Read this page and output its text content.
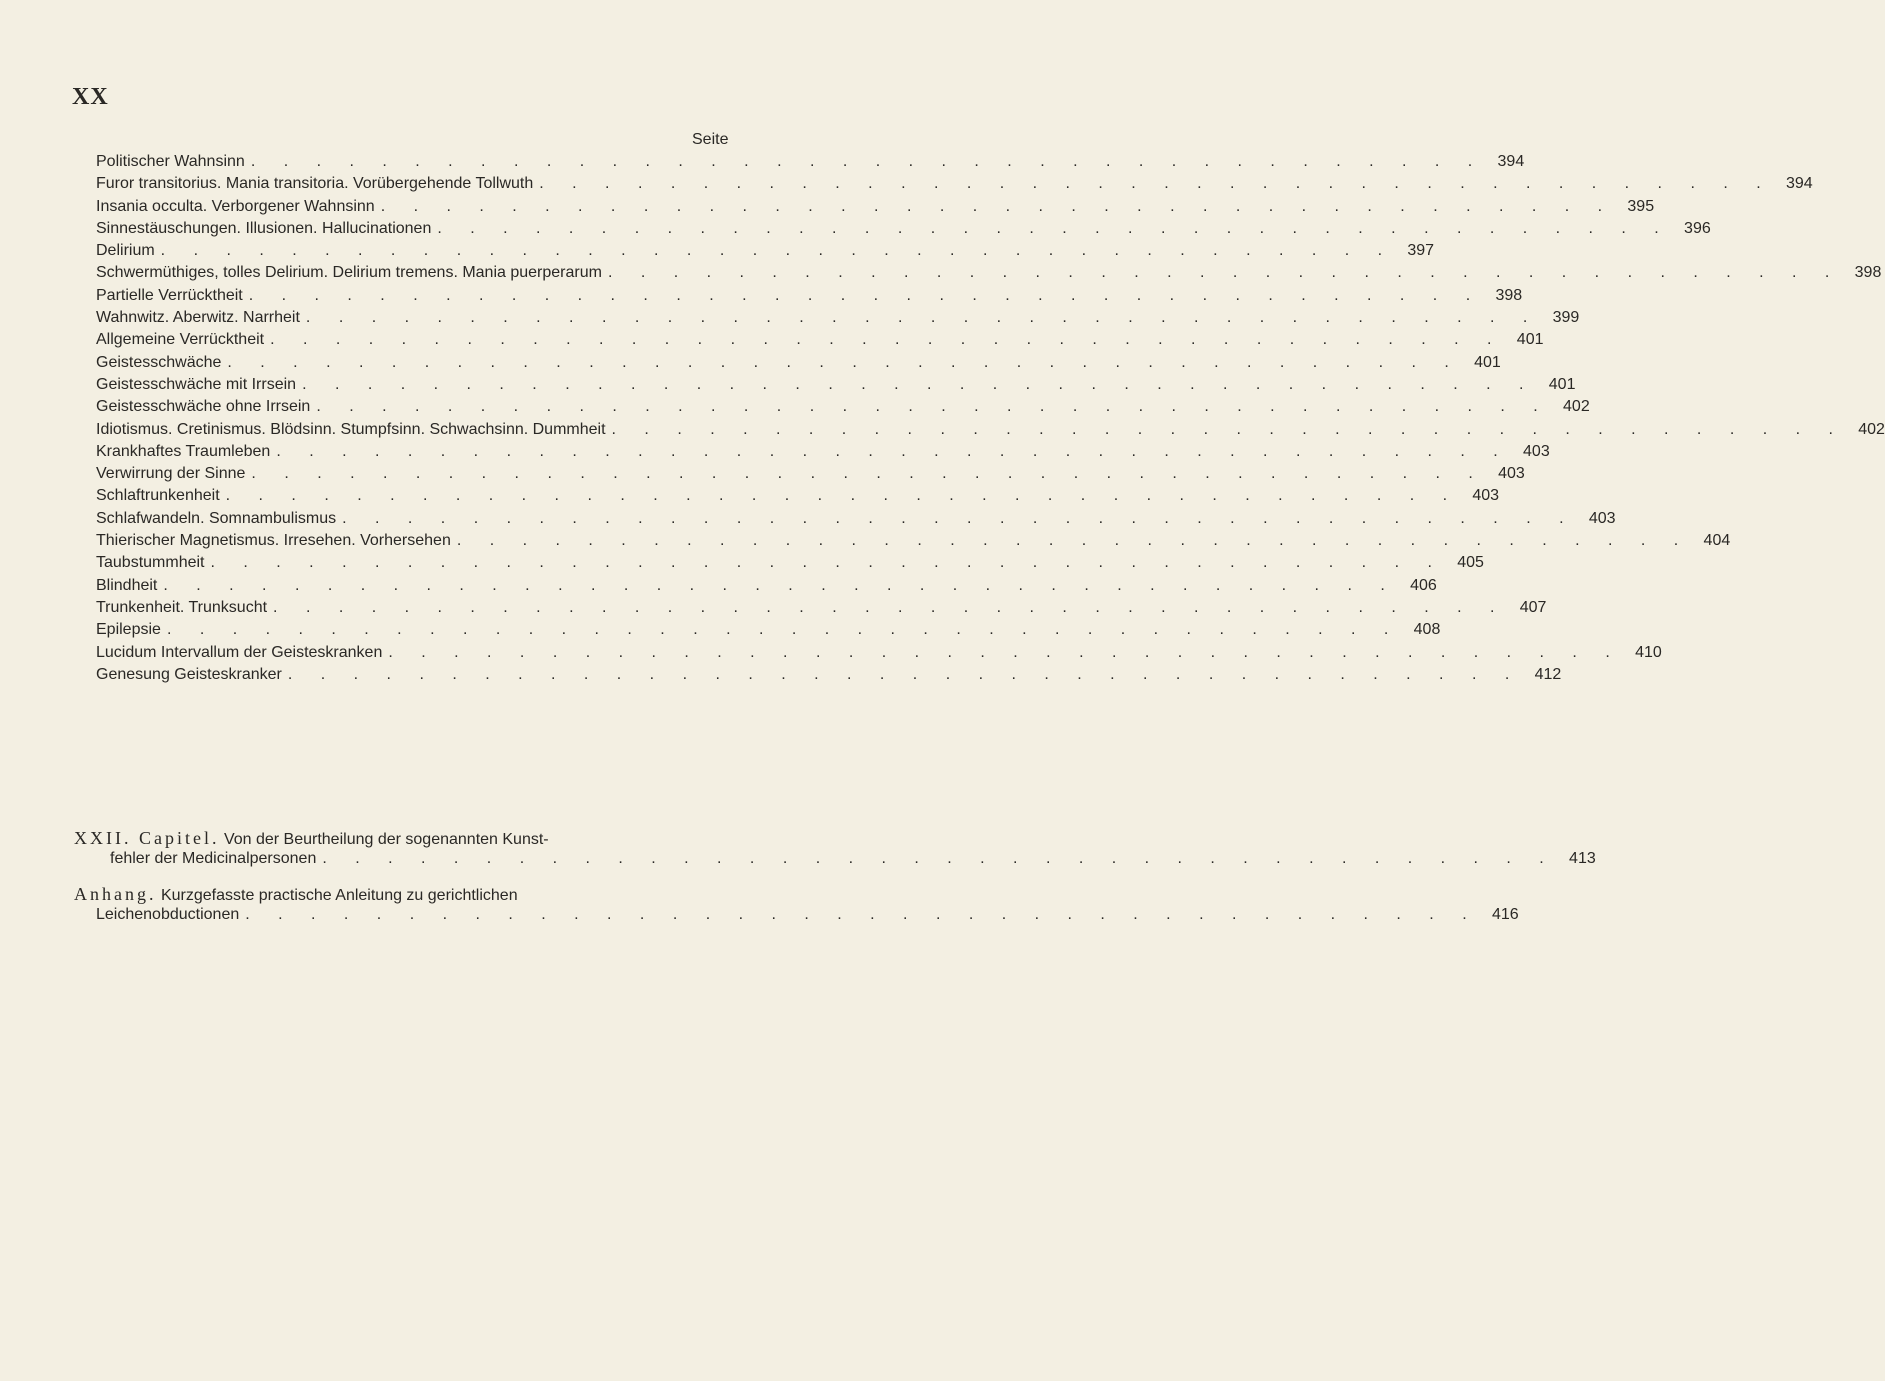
XX
Seite
Politischer Wahnsinn . . . . . . . . . . . . . . . . . . . . . . . . . . . . . . . . . . . . . . 394
Furor transitorius. Mania transitoria. Vorübergehende Tollwuth . . . . . . . . . . . . . . . . . . . . . . . . . . . . . . . . . . . . . . 394
Insania occulta. Verborgener Wahnsinn . . . . . . . . . . . . . . . . . . . . . . . . . . . . . . . . . . . . . . 395
Sinnestäuschungen. Illusionen. Hallucinationen . . . . . . . . . . . . . . . . . . . . . . . . . . . . . . . . . . . . . . 396
Delirium . . . . . . . . . . . . . . . . . . . . . . . . . . . . . . . . . . . . . . 397
Schwermüthiges, tolles Delirium. Delirium tremens. Mania puerperarum . . . . . . . . . . . . . . . . . . . . . . . . . . . . . . . . . . . . . . 398
Partielle Verrücktheit . . . . . . . . . . . . . . . . . . . . . . . . . . . . . . . . . . . . . . 398
Wahnwitz. Aberwitz. Narrheit . . . . . . . . . . . . . . . . . . . . . . . . . . . . . . . . . . . . . . 399
Allgemeine Verrücktheit . . . . . . . . . . . . . . . . . . . . . . . . . . . . . . . . . . . . . . 401
Geistesschwäche . . . . . . . . . . . . . . . . . . . . . . . . . . . . . . . . . . . . . . 401
Geistesschwäche mit Irrsein . . . . . . . . . . . . . . . . . . . . . . . . . . . . . . . . . . . . . . 401
Geistesschwäche ohne Irrsein . . . . . . . . . . . . . . . . . . . . . . . . . . . . . . . . . . . . . . 402
Idiotismus. Cretinismus. Blödsinn. Stumpfsinn. Schwachsinn. Dummheit . . . . . . . . . . . . . . . . . . . . . . . . . . . . . . . . . . . . . . 402
Krankhaftes Traumleben . . . . . . . . . . . . . . . . . . . . . . . . . . . . . . . . . . . . . . 403
Verwirrung der Sinne . . . . . . . . . . . . . . . . . . . . . . . . . . . . . . . . . . . . . . 403
Schlaftrunkenheit . . . . . . . . . . . . . . . . . . . . . . . . . . . . . . . . . . . . . . 403
Schlafwandeln. Somnambulismus . . . . . . . . . . . . . . . . . . . . . . . . . . . . . . . . . . . . . . 403
Thierischer Magnetismus. Irresehen. Vorhersehen . . . . . . . . . . . . . . . . . . . . . . . . . . . . . . . . . . . . . . 404
Taubstummheit . . . . . . . . . . . . . . . . . . . . . . . . . . . . . . . . . . . . . . 405
Blindheit . . . . . . . . . . . . . . . . . . . . . . . . . . . . . . . . . . . . . . 406
Trunkenheit. Trunksucht . . . . . . . . . . . . . . . . . . . . . . . . . . . . . . . . . . . . . . 407
Epilepsie . . . . . . . . . . . . . . . . . . . . . . . . . . . . . . . . . . . . . . 408
Lucidum Intervallum der Geisteskranken . . . . . . . . . . . . . . . . . . . . . . . . . . . . . . . . . . . . . . 410
Genesung Geisteskranker . . . . . . . . . . . . . . . . . . . . . . . . . . . . . . . . . . . . . . 412
XXII. Capitel. Von der Beurtheilung der sogenannten Kunst-
fehler der Medicinalpersonen . . . . . . . . . . . . . . . . . . . . . . . . . . . . . . . . . . . . . . 413
Anhang. Kurzgefasste practische Anleitung zu gerichtlichen
Leichenobductionen . . . . . . . . . . . . . . . . . . . . . . . . . . . . . . . . . . . . . . 416
